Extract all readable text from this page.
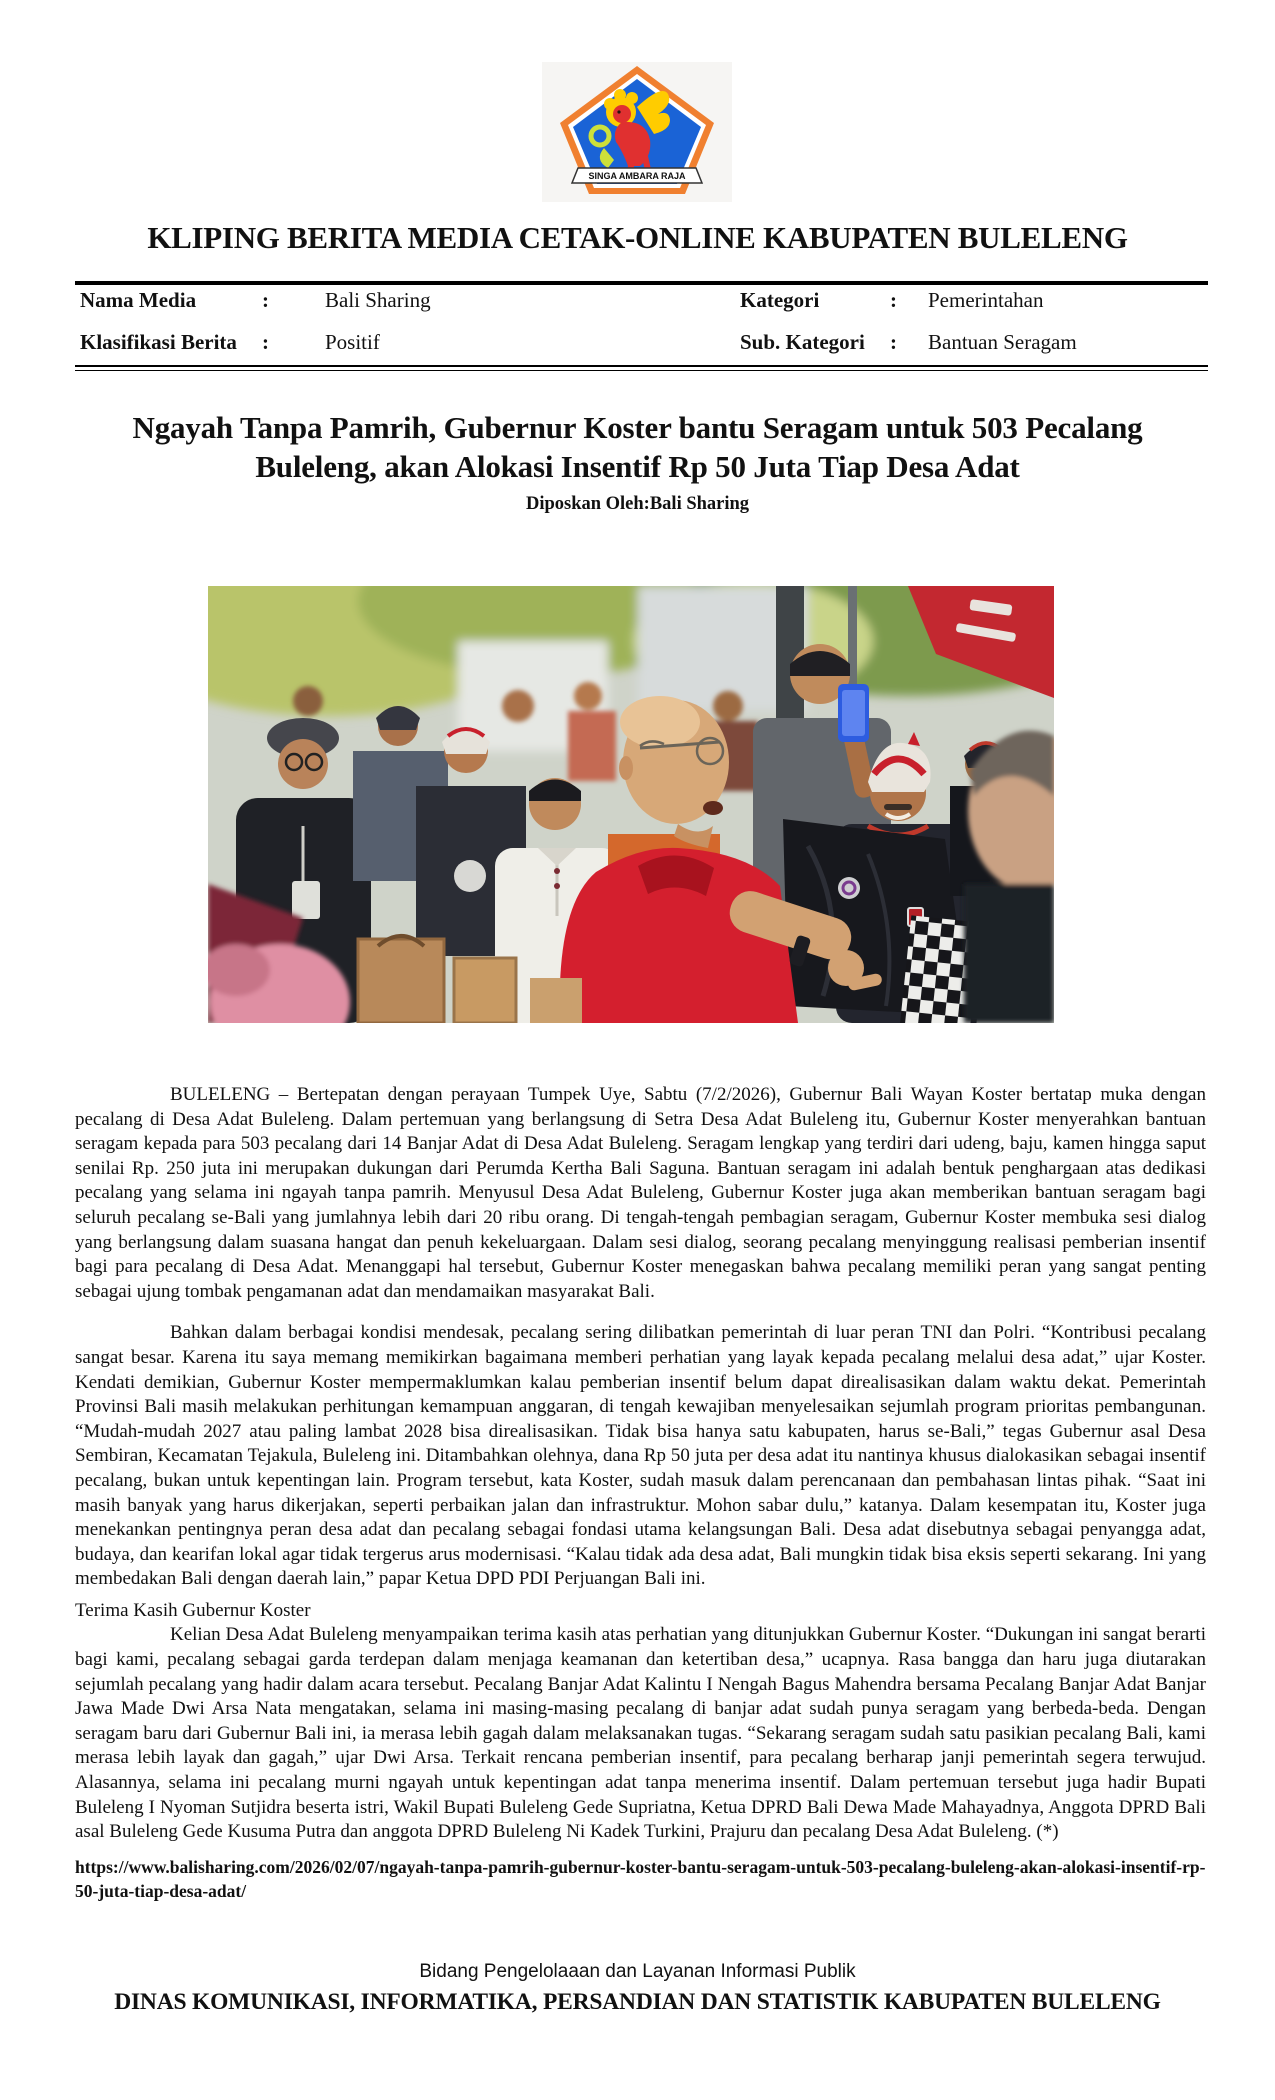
SINGA AMBARA RAJA
KLIPING BERITA MEDIA CETAK-ONLINE KABUPATEN BULELENG
Nama Media	:	Bali Sharing	Kategori	: Pemerintahan
Klasifikasi Berita :	Positif	Sub. Kategori : Bantuan Seragam
Ngayah Tanpa Pamrih, Gubernur Koster bantu Seragam untuk 503 Pecalang Buleleng, akan Alokasi Insentif Rp 50 Juta Tiap Desa Adat
Diposkan Oleh:Bali Sharing

BULELENG – Bertepatan dengan perayaan Tumpek Uye, Sabtu (7/2/2026), Gubernur Bali Wayan Koster bertatap muka dengan pecalang di Desa Adat Buleleng. Dalam pertemuan yang berlangsung di Setra Desa Adat Buleleng itu, Gubernur Koster menyerahkan bantuan seragam kepada para 503 pecalang dari 14 Banjar Adat di Desa Adat Buleleng. Seragam lengkap yang terdiri dari udeng, baju, kamen hingga saput senilai Rp. 250 juta ini merupakan dukungan dari Perumda Kertha Bali Saguna. Bantuan seragam ini adalah bentuk penghargaan atas dedikasi pecalang yang selama ini ngayah tanpa pamrih. Menyusul Desa Adat Buleleng, Gubernur Koster juga akan memberikan bantuan seragam bagi seluruh pecalang se-Bali yang jumlahnya lebih dari 20 ribu orang. Di tengah-tengah pembagian seragam, Gubernur Koster membuka sesi dialog yang berlangsung dalam suasana hangat dan penuh kekeluargaan. Dalam sesi dialog, seorang pecalang menyinggung realisasi pemberian insentif bagi para pecalang di Desa Adat. Menanggapi hal tersebut, Gubernur Koster menegaskan bahwa pecalang memiliki peran yang sangat penting sebagai ujung tombak pengamanan adat dan mendamaikan masyarakat Bali.

Bahkan dalam berbagai kondisi mendesak, pecalang sering dilibatkan pemerintah di luar peran TNI dan Polri. “Kontribusi pecalang sangat besar. Karena itu saya memang memikirkan bagaimana memberi perhatian yang layak kepada pecalang melalui desa adat,” ujar Koster. Kendati demikian, Gubernur Koster mempermaklumkan kalau pemberian insentif belum dapat direalisasikan dalam waktu dekat. Pemerintah Provinsi Bali masih melakukan perhitungan kemampuan anggaran, di tengah kewajiban menyelesaikan sejumlah program prioritas pembangunan. “Mudah-mudah 2027 atau paling lambat 2028 bisa direalisasikan. Tidak bisa hanya satu kabupaten, harus se-Bali,” tegas Gubernur asal Desa Sembiran, Kecamatan Tejakula, Buleleng ini. Ditambahkan olehnya, dana Rp 50 juta per desa adat itu nantinya khusus dialokasikan sebagai insentif pecalang, bukan untuk kepentingan lain. Program tersebut, kata Koster, sudah masuk dalam perencanaan dan pembahasan lintas pihak. “Saat ini masih banyak yang harus dikerjakan, seperti perbaikan jalan dan infrastruktur. Mohon sabar dulu,” katanya. Dalam kesempatan itu, Koster juga menekankan pentingnya peran desa adat dan pecalang sebagai fondasi utama kelangsungan Bali. Desa adat disebutnya sebagai penyangga adat, budaya, dan kearifan lokal agar tidak tergerus arus modernisasi. “Kalau tidak ada desa adat, Bali mungkin tidak bisa eksis seperti sekarang. Ini yang membedakan Bali dengan daerah lain,” papar Ketua DPD PDI Perjuangan Bali ini.

Terima Kasih Gubernur Koster

Kelian Desa Adat Buleleng menyampaikan terima kasih atas perhatian yang ditunjukkan Gubernur Koster. “Dukungan ini sangat berarti bagi kami, pecalang sebagai garda terdepan dalam menjaga keamanan dan ketertiban desa,” ucapnya. Rasa bangga dan haru juga diutarakan sejumlah pecalang yang hadir dalam acara tersebut. Pecalang Banjar Adat Kalintu I Nengah Bagus Mahendra bersama Pecalang Banjar Adat Banjar Jawa Made Dwi Arsa Nata mengatakan, selama ini masing-masing pecalang di banjar adat sudah punya seragam yang berbeda-beda. Dengan seragam baru dari Gubernur Bali ini, ia merasa lebih gagah dalam melaksanakan tugas. “Sekarang seragam sudah satu pasikian pecalang Bali, kami merasa lebih layak dan gagah,” ujar Dwi Arsa. Terkait rencana pemberian insentif, para pecalang berharap janji pemerintah segera terwujud. Alasannya, selama ini pecalang murni ngayah untuk kepentingan adat tanpa menerima insentif. Dalam pertemuan tersebut juga hadir Bupati Buleleng I Nyoman Sutjidra beserta istri, Wakil Bupati Buleleng Gede Supriatna, Ketua DPRD Bali Dewa Made Mahayadnya, Anggota DPRD Bali asal Buleleng Gede Kusuma Putra dan anggota DPRD Buleleng Ni Kadek Turkini, Prajuru dan pecalang Desa Adat Buleleng. (*)

https://www.balisharing.com/2026/02/07/ngayah-tanpa-pamrih-gubernur-koster-bantu-seragam-untuk-503-pecalang-buleleng-akan-alokasi-insentif-rp-50-juta-tiap-desa-adat/
Bidang Pengelolaaan dan Layanan Informasi Publik
DINAS KOMUNIKASI, INFORMATIKA, PERSANDIAN DAN STATISTIK KABUPATEN BULELENG
